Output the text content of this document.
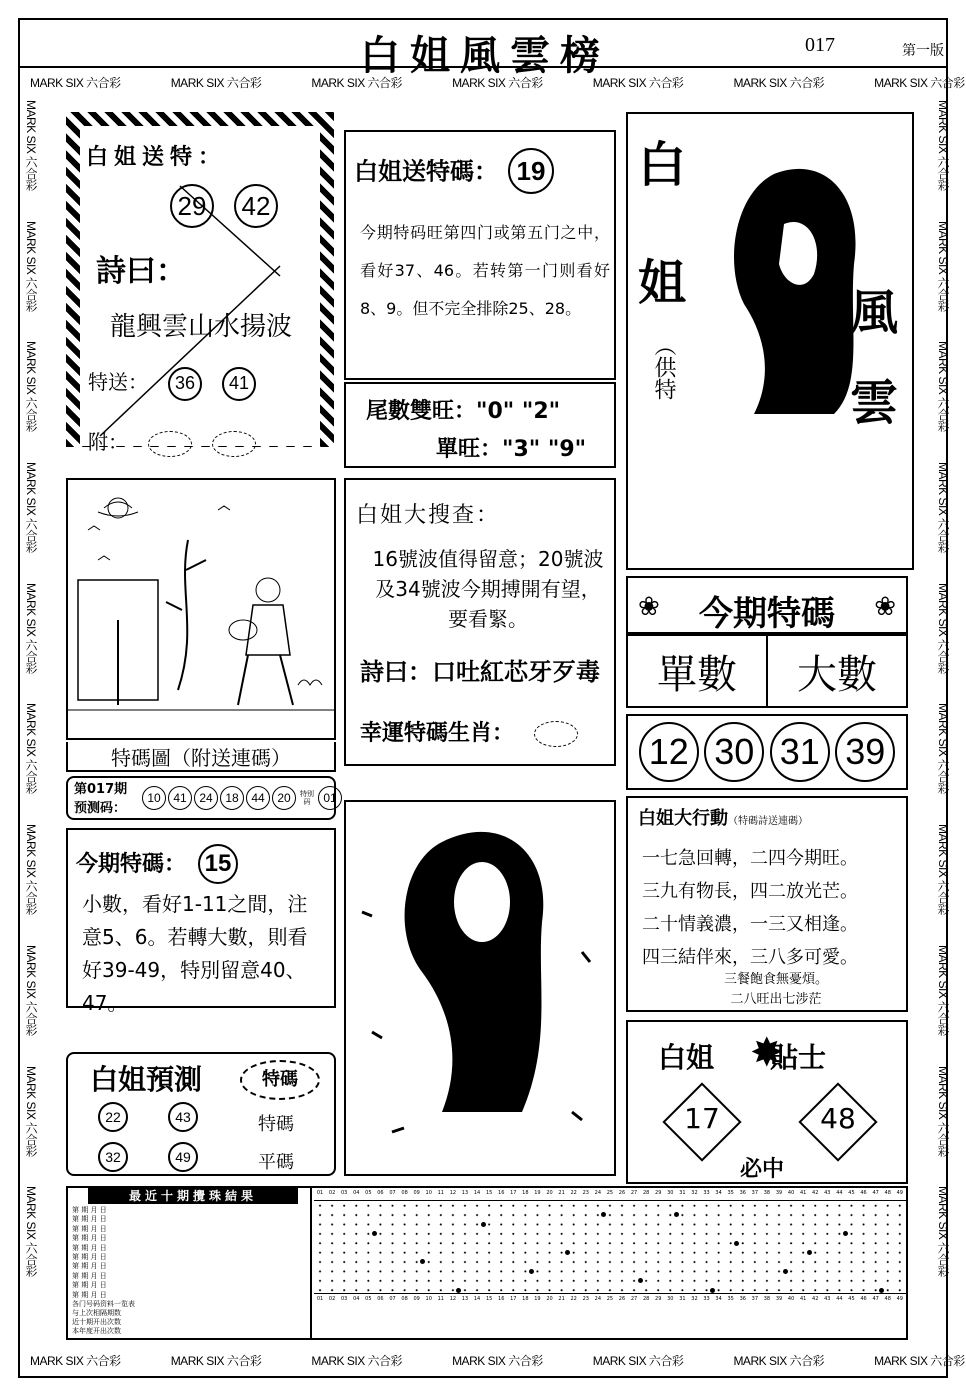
白姐風雲榜	017	第一版
MARK SIX 六合彩	MARK SIX 六合彩	MARK SIX 六合彩	MARK SIX 六合彩	MARK SIX 六合彩	MARK SIX 六合彩	MARK SIX 六合彩
MARK SIX 六合彩	MARK SIX 六合彩	MARK SIX 六合彩	MARK SIX 六合彩	MARK SIX 六合彩	MARK SIX 六合彩	MARK SIX 六合彩
MARK SIX 六合彩MARK SIX 六合彩MARK SIX 六合彩MARK SIX 六合彩MARK SIX 六合彩MARK SIX 六合彩MARK SIX 六合彩MARK SIX 六合彩MARK SIX 六合彩MARK SIX 六合彩
MARK SIX 六合彩MARK SIX 六合彩MARK SIX 六合彩MARK SIX 六合彩MARK SIX 六合彩MARK SIX 六合彩MARK SIX 六合彩MARK SIX 六合彩MARK SIX 六合彩MARK SIX 六合彩
白姐送特：
29 42
詩曰：
龍興雲山水揚波
特送： 36 41
附：
白姐送特碼： 19
今期特码旺第四门或第五门之中，看好37、46。若转第一门则看好8、9。但不完全排除25、28。
尾數雙旺："0" "2"
單旺："3" "9"
白
姐
（供特
風
雲
特碼圖（附送連碼）
白姐大搜查：
16號波值得留意；20號波及34號波今期搏開有望，要看緊。
詩曰：口吐紅芯牙歹毒
幸運特碼生肖：
❀	今期特碼	❀
單數	大數
12 30 31 39
第017期
预测码：
10	41	24	18	44	20	特别码	01
今期特碼： 15
小數，看好1-11之間，注意5、6。若轉大數，則看好39-49，特別留意40、47。
35
45
白姐大行動（特碼詩送連碼）
一七急回轉，二四今期旺。
三九有物長，四二放光芒。
二十情義濃，一三又相逢。
四三結伴來，三八多可愛。
三餐飽食無憂煩。
二八旺出七涉茫
白姐 貼士
✸
17	48
必中
白姐預測	特碼
22	43	特碼
32	49	平碼
最近十期攪珠結果
第 期 月 日
第 期 月 日
第 期 月 日
第 期 月 日
第 期 月 日
第 期 月 日
第 期 月 日
第 期 月 日
第 期 月 日
第 期 月 日
各门号码资料一览表
与上次相隔期数
近十期开出次数
本年度开出次数
01	02	03	04	05	06	07	08	09	10	11	12	13	14	15	16	17	18	19	20	21	22	23	24	25	26	27	28	29	30	31	32	33	34	35	36	37	38	39	40	41	42	43	44	45	46	47	48	49
01	02	03	04	05	06	07	08	09	10	11	12	13	14	15	16	17	18	19	20	21	22	23	24	25	26	27	28	29	30	31	32	33	34	35	36	37	38	39	40	41	42	43	44	45	46	47	48	49
